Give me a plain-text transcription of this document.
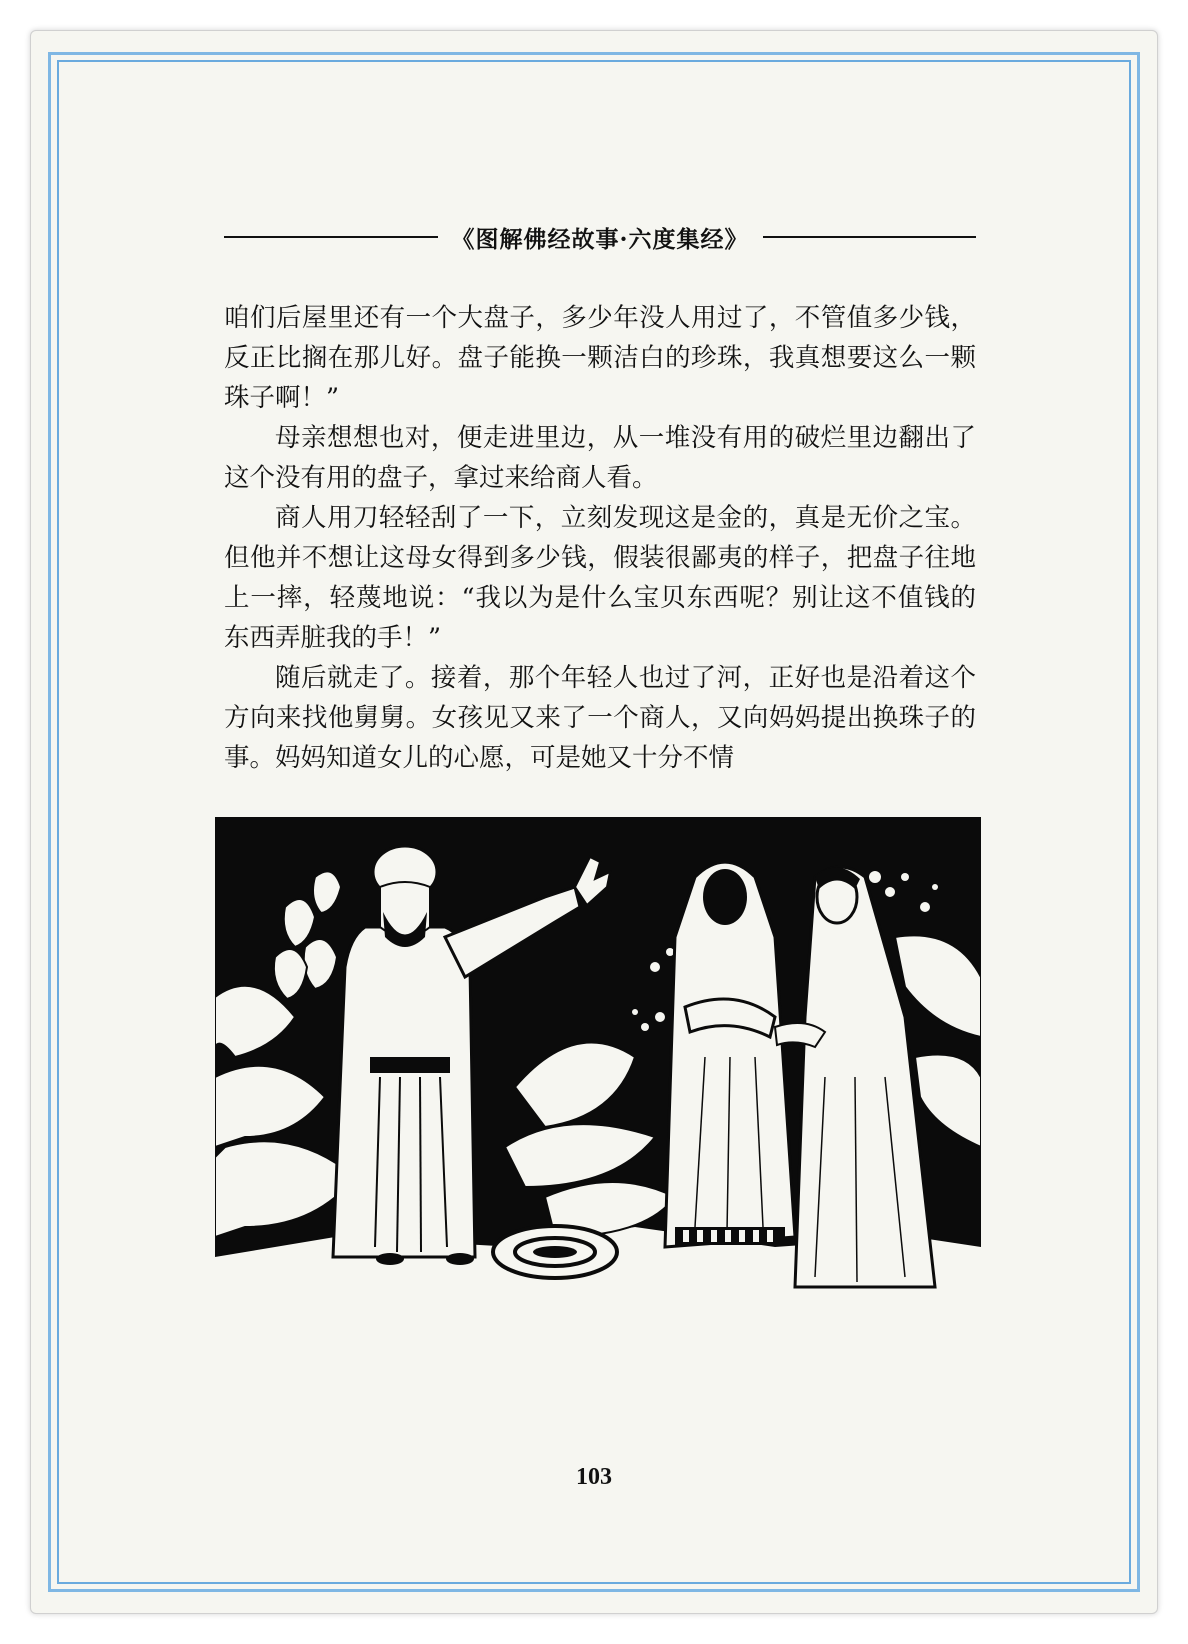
《图解佛经故事·六度集经》

咱们后屋里还有一个大盘子，多少年没人用过了，不管值多少钱，反正比搁在那儿好。盘子能换一颗洁白的珍珠，我真想要这么一颗珠子啊！”

母亲想想也对，便走进里边，从一堆没有用的破烂里边翻出了这个没有用的盘子，拿过来给商人看。

商人用刀轻轻刮了一下，立刻发现这是金的，真是无价之宝。但他并不想让这母女得到多少钱，假装很鄙夷的样子，把盘子往地上一摔，轻蔑地说：“我以为是什么宝贝东西呢？别让这不值钱的东西弄脏我的手！”

随后就走了。接着，那个年轻人也过了河，正好也是沿着这个方向来找他舅舅。女孩见又来了一个商人，又向妈妈提出换珠子的事。妈妈知道女儿的心愿，可是她又十分不情

103
